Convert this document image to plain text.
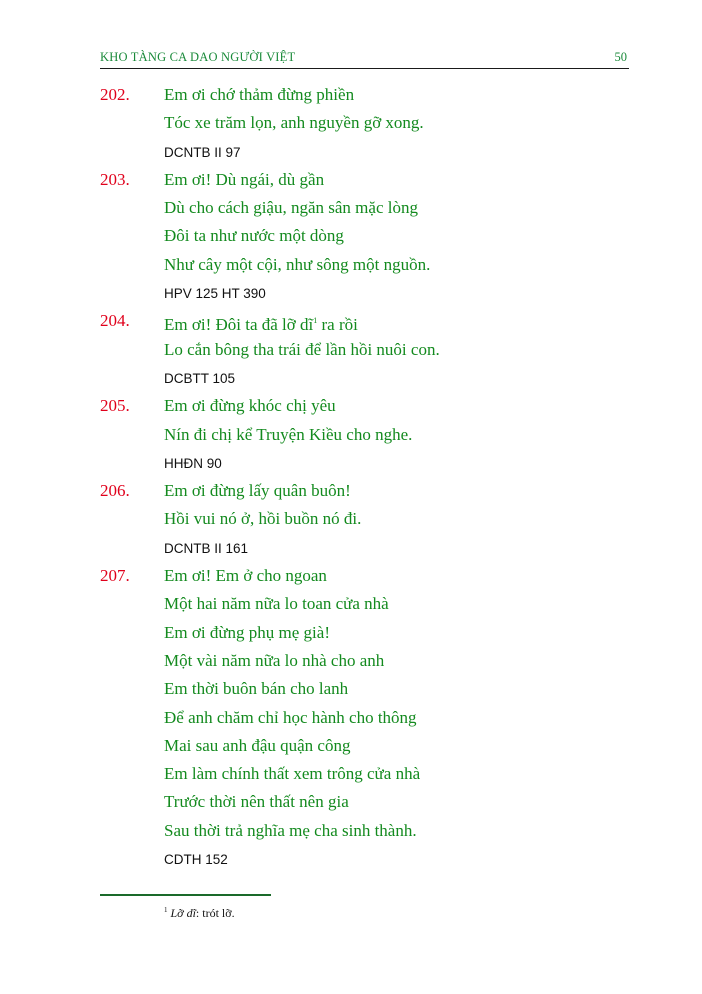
KHO TÀNG CA DAO NGƯỜI VIỆT	50
202. Em ơi chớ thảm đừng phiền
Tóc xe trăm lọn, anh nguyền gỡ xong.
DCNTB II 97
203. Em ơi! Dù ngái, dù gần
Dù cho cách giậu, ngăn sân mặc lòng
Đôi ta như nước một dòng
Như cây một cội, như sông một nguồn.
HPV 125 HT 390
204. Em ơi! Đôi ta đã lỡ $dĩ^1$ ra rồi
Lo cắn bông tha trái để lần hồi nuôi con.
DCBTT 105
205. Em ơi đừng khóc chị yêu
Nín đi chị kể Truyện Kiều cho nghe.
HHĐN 90
206. Em ơi đừng lấy quân buôn!
Hồi vui nó ở, hồi buồn nó đi.
DCNTB II 161
207. Em ơi! Em ở cho ngoan
Một hai năm nữa lo toan cửa nhà
Em ơi đừng phụ mẹ già!
Một vài năm nữa lo nhà cho anh
Em thời buôn bán cho lanh
Để anh chăm chỉ học hành cho thông
Mai sau anh đậu quận công
Em làm chính thất xem trông cửa nhà
Trước thời nên thất nên gia
Sau thời trả nghĩa mẹ cha sinh thành.
CDTH 152
$^1$ Lỡ dĩ: trót lỡ.
